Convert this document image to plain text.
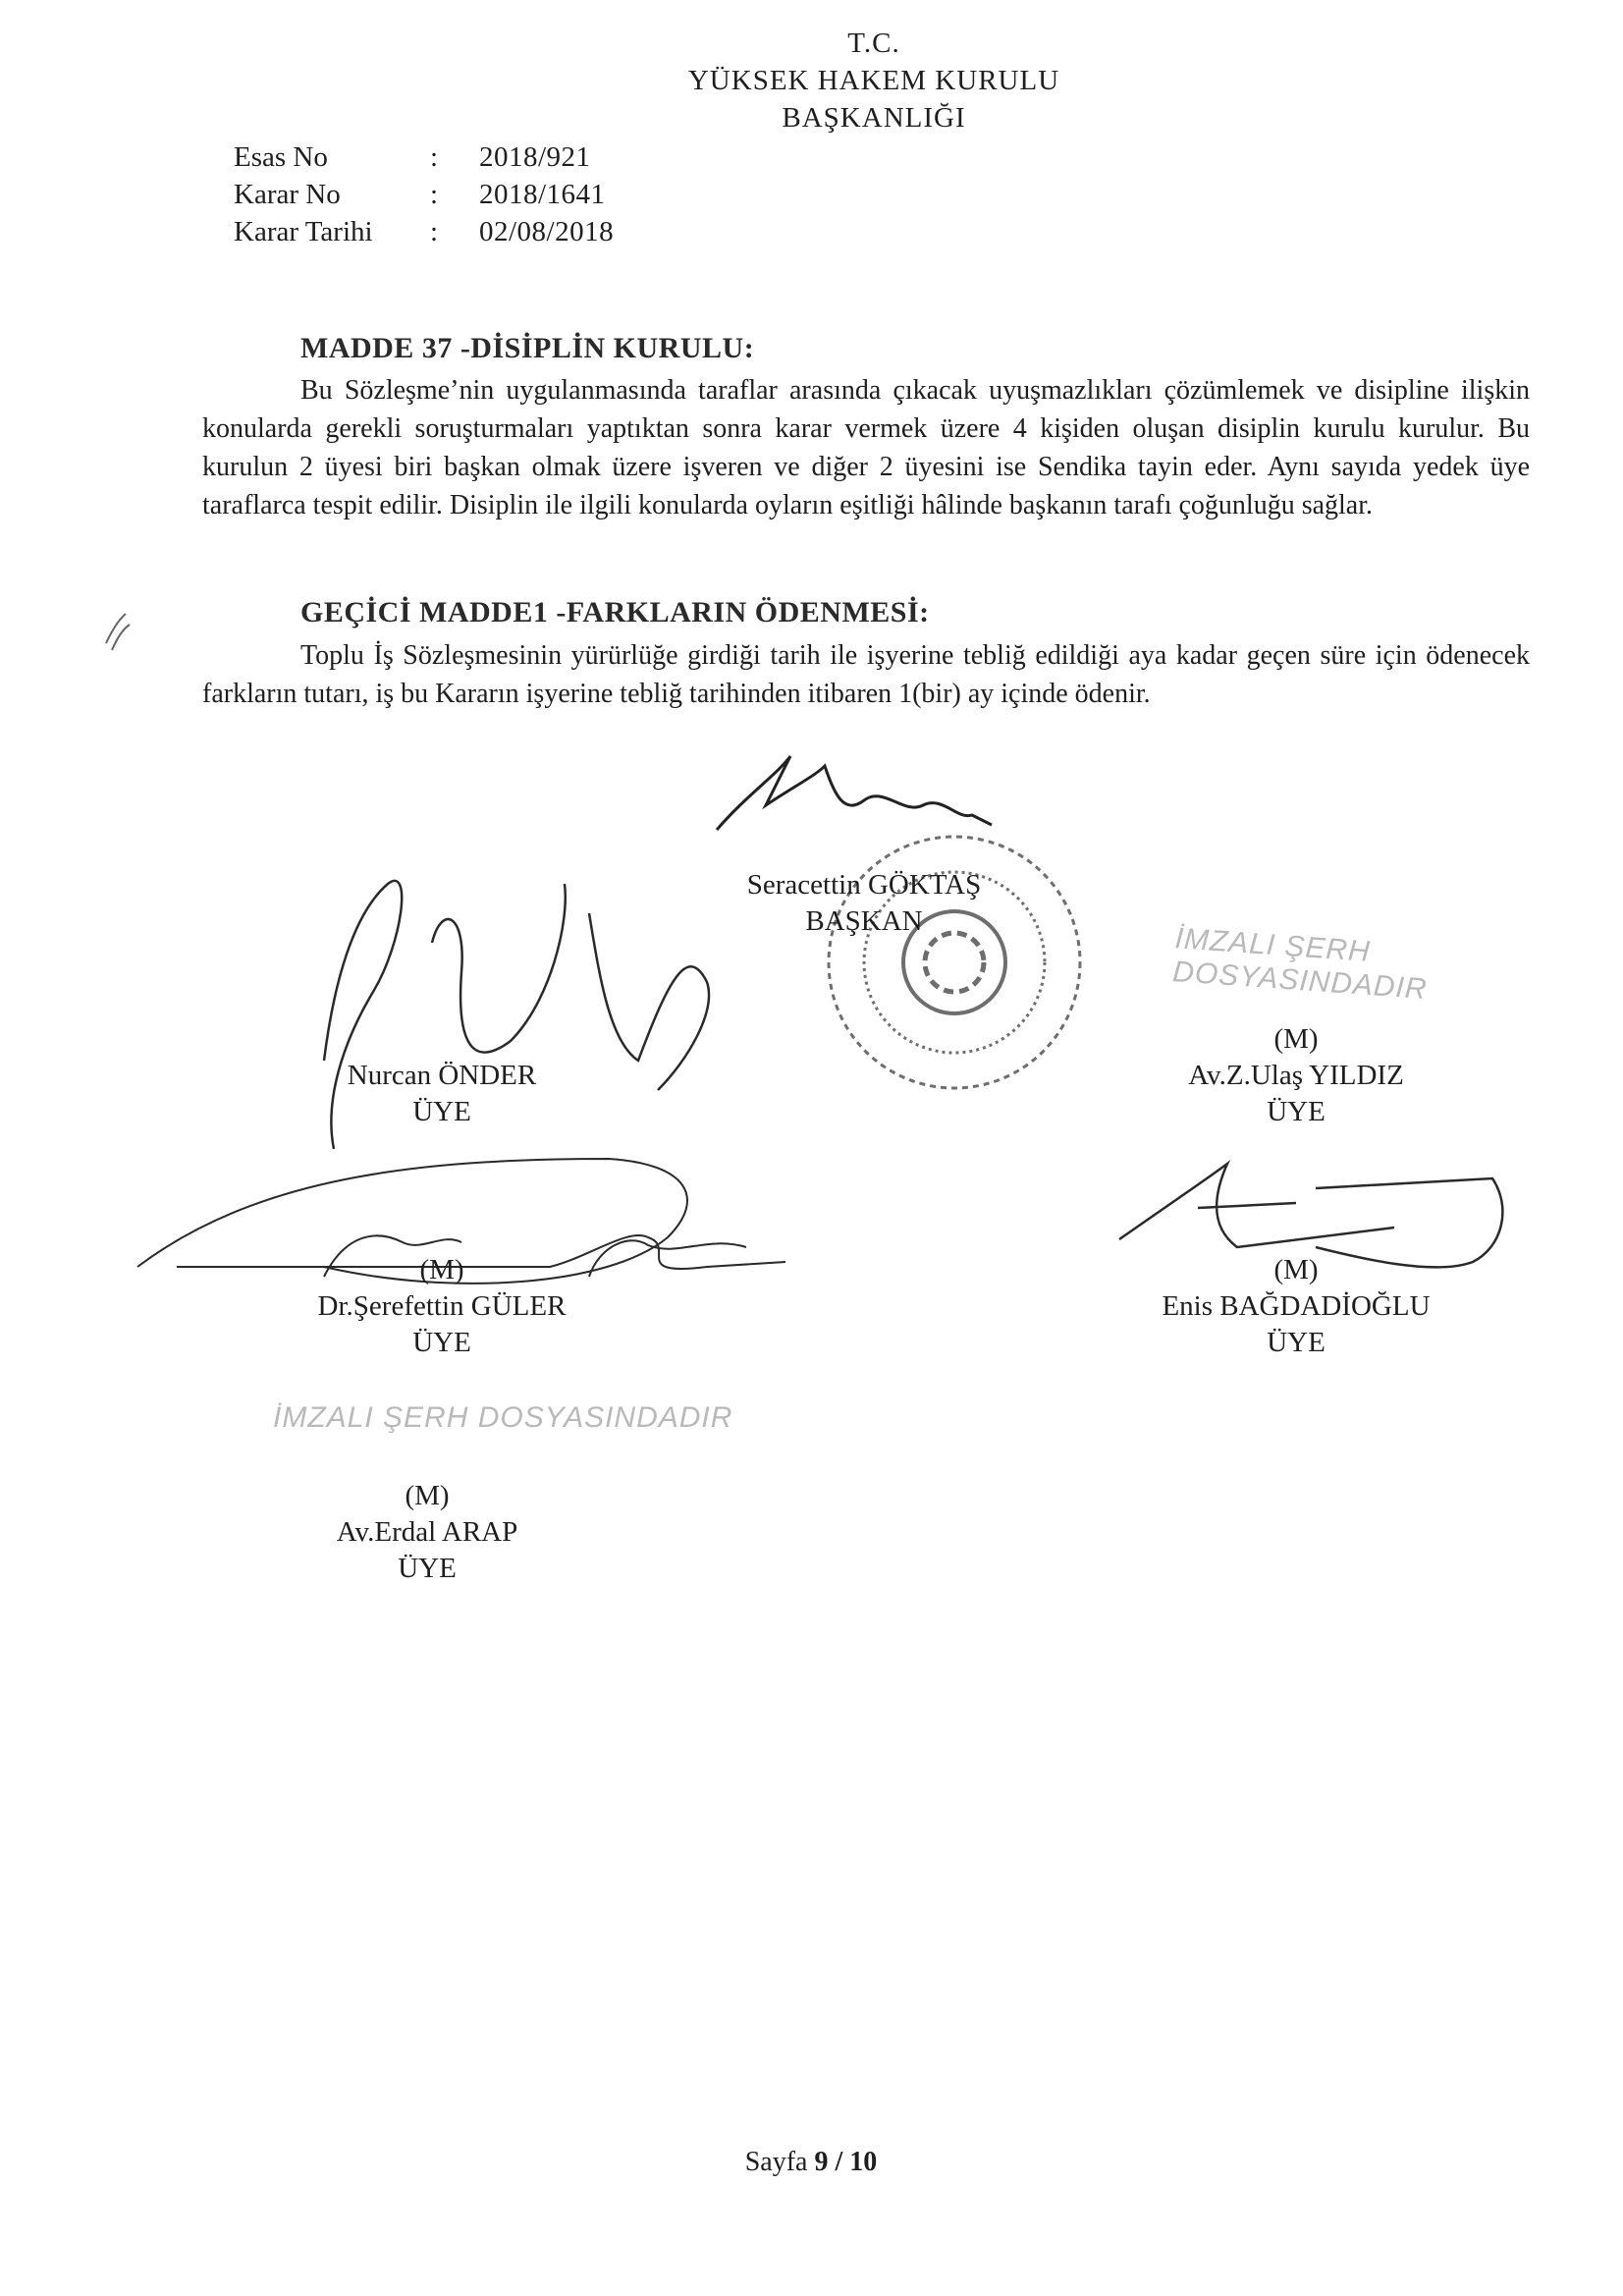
T.C.
YÜKSEK HAKEM KURULU
BAŞKANLIĞI
Esas No	: 2018/921
Karar No	: 2018/1641
Karar Tarihi	: 02/08/2018
MADDE 37 -DİSİPLİN KURULU:
Bu Sözleşme’nin uygulanmasında taraflar arasında çıkacak uyuşmazlıkları çözümlemek ve disipline ilişkin konularda gerekli soruşturmaları yaptıktan sonra karar vermek üzere 4 kişiden oluşan disiplin kurulu kurulur. Bu kurulun 2 üyesi biri başkan olmak üzere işveren ve diğer 2 üyesini ise Sendika tayin eder. Aynı sayıda yedek üye taraflarca tespit edilir. Disiplin ile ilgili konularda oyların eşitliği hâlinde başkanın tarafı çoğunluğu sağlar.
GEÇİCİ MADDE1 -FARKLARIN ÖDENMESİ:
Toplu İş Sözleşmesinin yürürlüğe girdiği tarih ile işyerine tebliğ edildiği aya kadar geçen süre için ödenecek farkların tutarı, iş bu Kararın işyerine tebliğ tarihinden itibaren 1(bir) ay içinde ödenir.
Seracettin GÖKTAŞ
BAŞKAN
İMZALI ŞERH DOSYASINDADIR
(M)
Av.Z.Ulaş YILDIZ
ÜYE
Nurcan ÖNDER
ÜYE
(M)
Dr.Şerefettin GÜLER
ÜYE
(M)
Enis BAĞDADİOĞLU
ÜYE
İMZALI ŞERH DOSYASINDADIR
(M)
Av.Erdal ARAP
ÜYE
Sayfa 9 / 10
